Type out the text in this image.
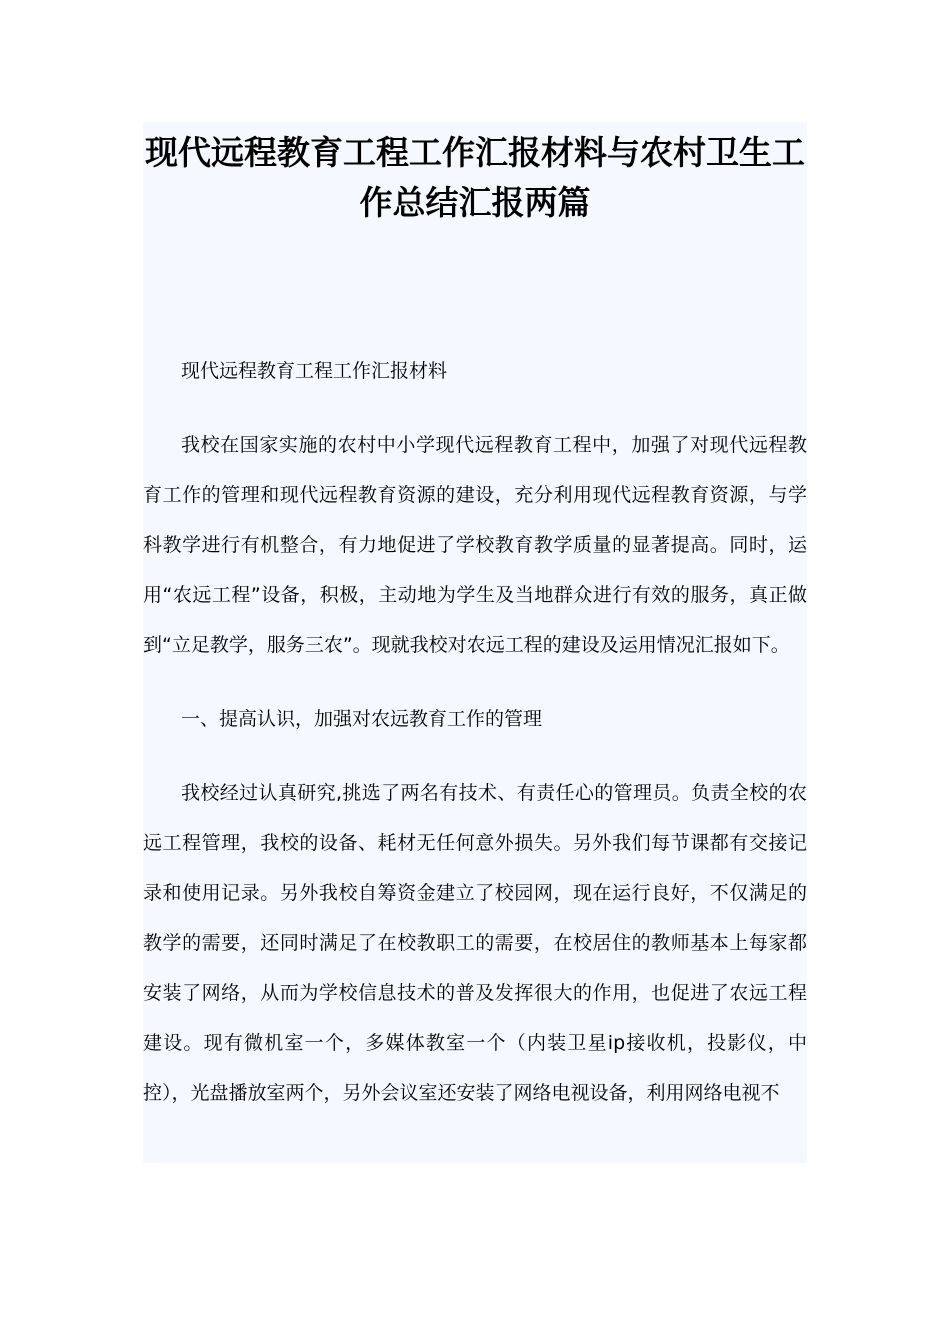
现代远程教育工程工作汇报材料与农村卫生工作总结汇报两篇

现代远程教育工程工作汇报材料

我校在国家实施的农村中小学现代远程教育工程中，加强了对现代远程教育工作的管理和现代远程教育资源的建设，充分利用现代远程教育资源，与学科教学进行有机整合，有力地促进了学校教育教学质量的显著提高。同时，运用“农远工程”设备，积极，主动地为学生及当地群众进行有效的服务，真正做到“立足教学，服务三农”。现就我校对农远工程的建设及运用情况汇报如下。

一、提高认识，加强对农远教育工作的管理

我校经过认真研究,挑选了两名有技术、有责任心的管理员。负责全校的农远工程管理，我校的设备、耗材无任何意外损失。另外我们每节课都有交接记录和使用记录。另外我校自筹资金建立了校园网，现在运行良好，不仅满足的教学的需要，还同时满足了在校教职工的需要，在校居住的教师基本上每家都安装了网络，从而为学校信息技术的普及发挥很大的作用，也促进了农远工程建设。现有微机室一个，多媒体教室一个（内装卫星ip接收机，投影仪，中控），光盘播放室两个，另外会议室还安装了网络电视设备，利用网络电视不
